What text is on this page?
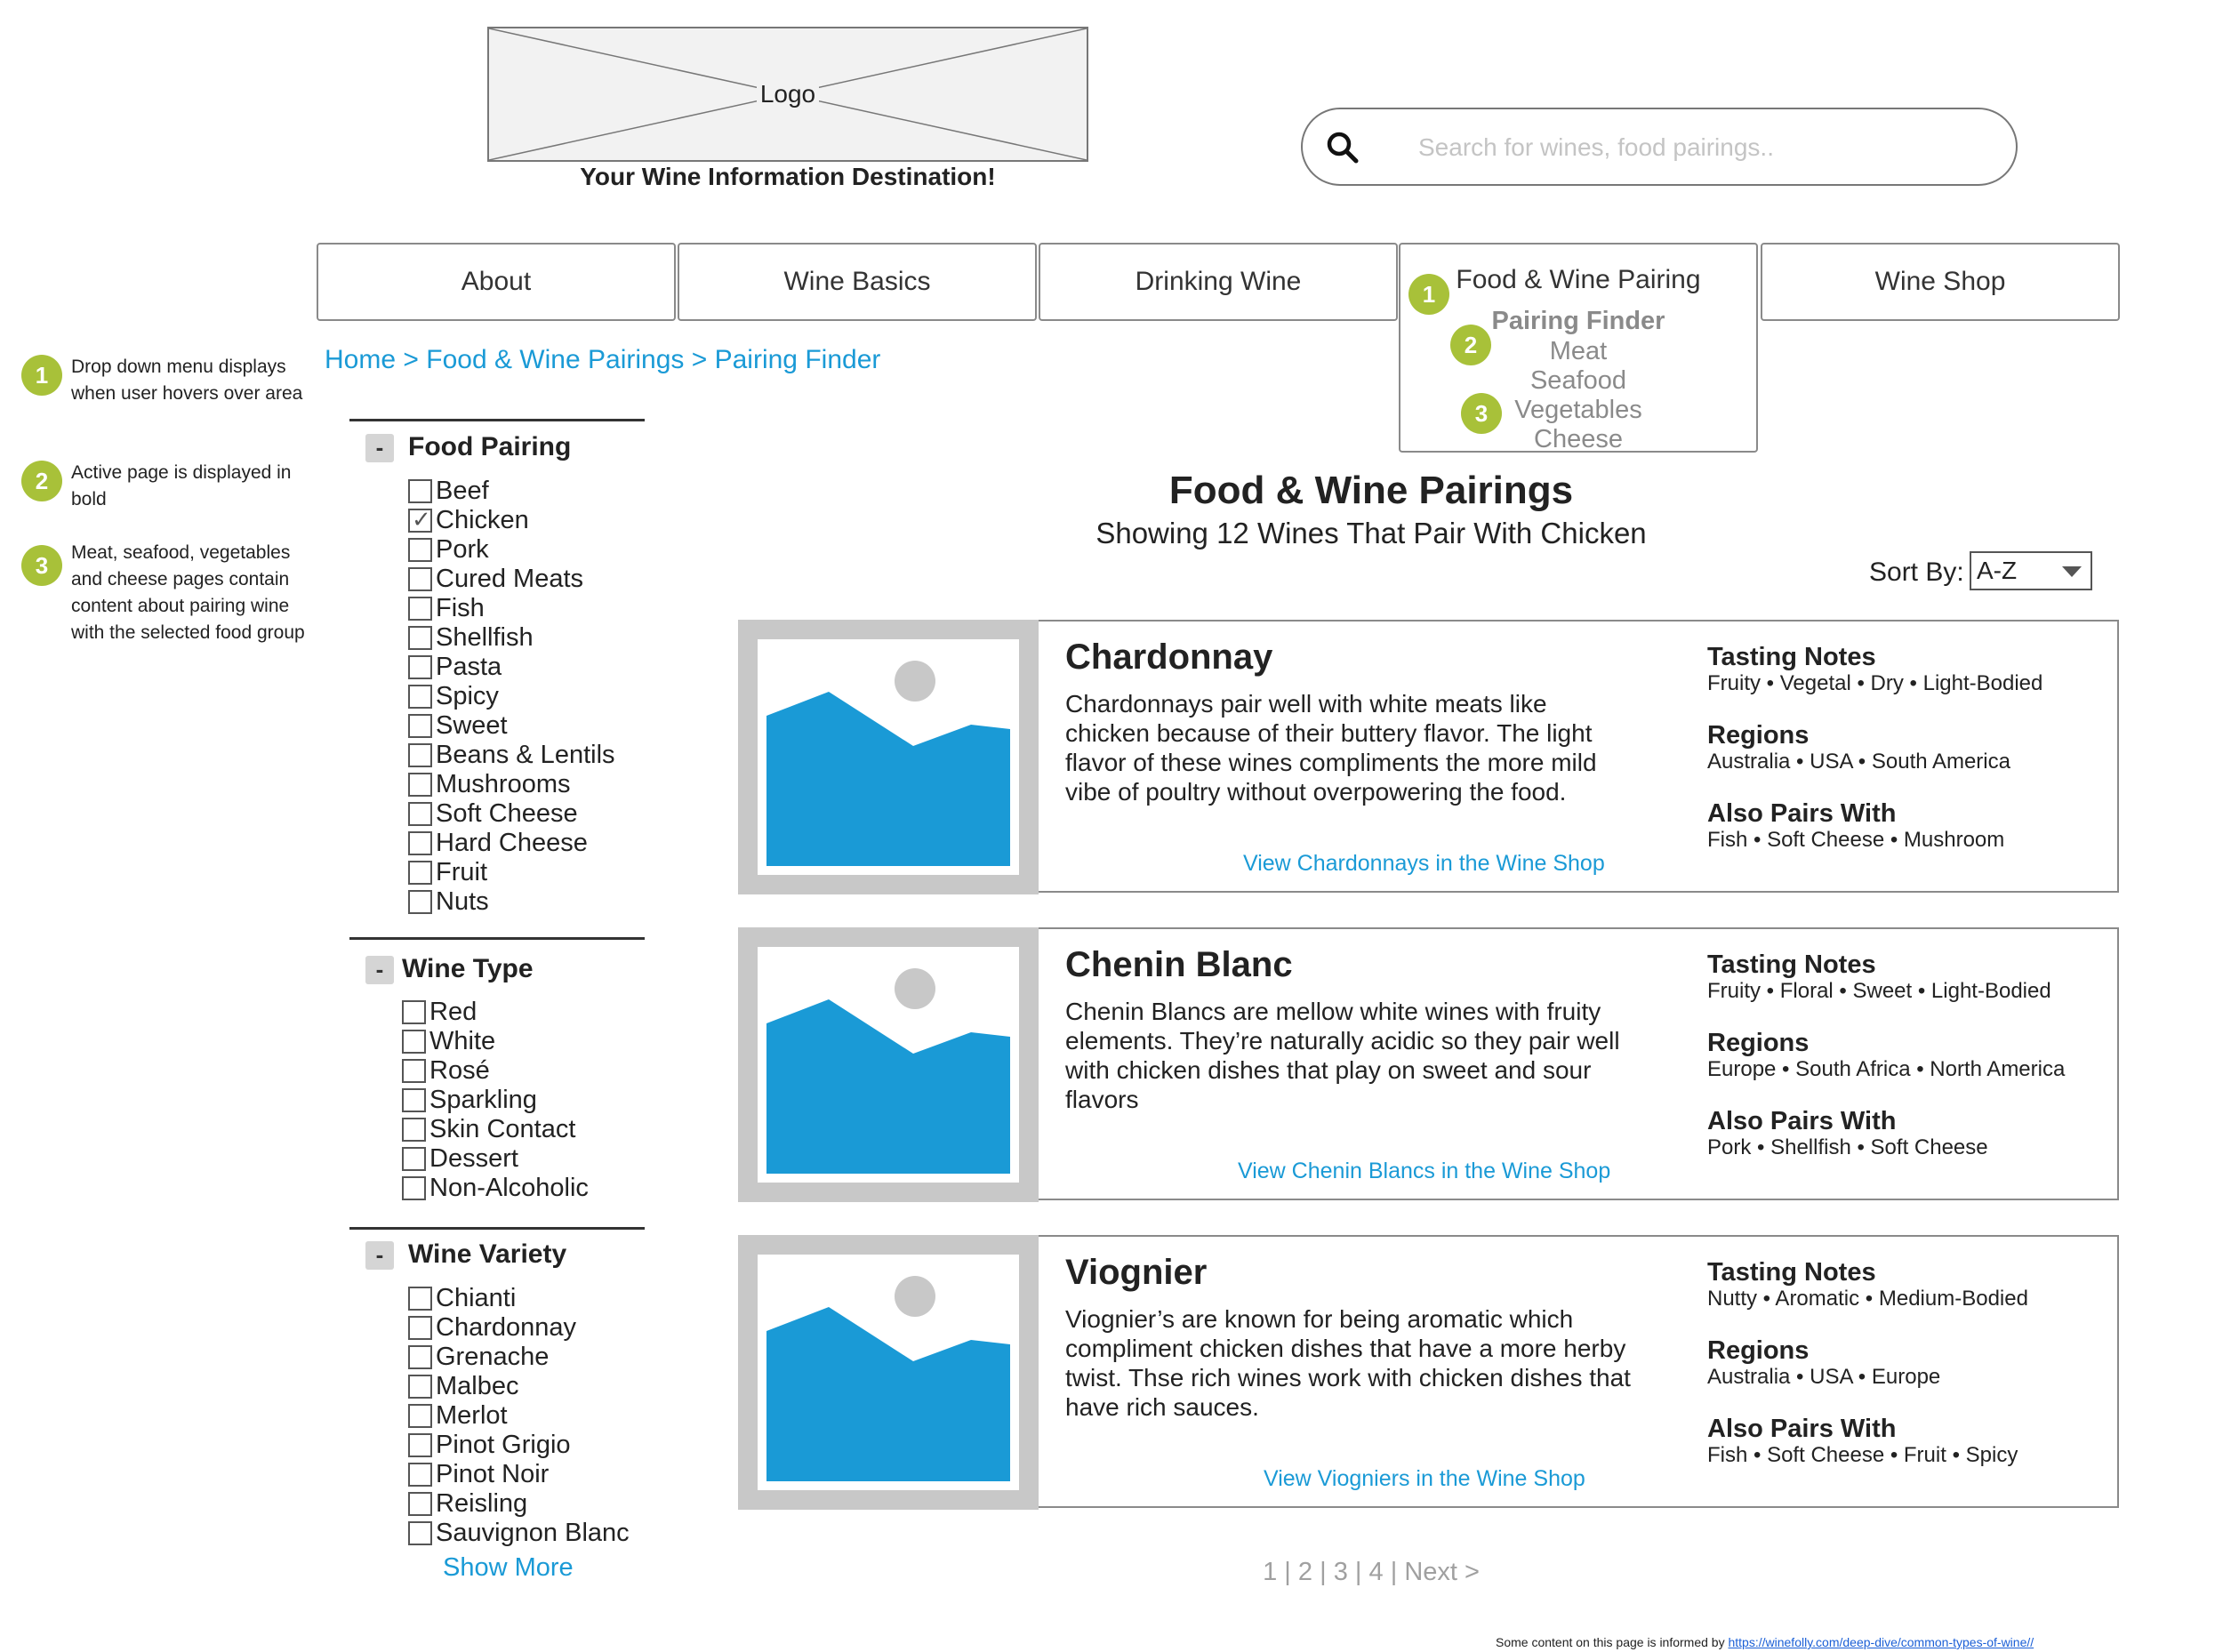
Logo
Your Wine Information Destination!
Search for wines, food pairings..
About	Wine Basics	Drinking Wine	Food & Wine Pairing
Pairing Finder
Meat
Seafood
Vegetables
Cheese
Wine Shop
1
2
3
1	Drop down menu displays when user hovers over area
2	Active page is displayed in bold
3	Meat, seafood, vegetables and cheese pages contain content about pairing wine with the selected food group
Home > Food & Wine Pairings > Pairing Finder
- Food Pairing
Beef
✓
Chicken
Pork
Cured Meats
Fish
Shellfish
Pasta
Spicy
Sweet
Beans & Lentils
Mushrooms
Soft Cheese
Hard Cheese
Fruit
Nuts
- Wine Type
Red
White
Rosé
Sparkling
Skin Contact
Dessert
Non-Alcoholic
- Wine Variety
Chianti
Chardonnay
Grenache
Malbec
Merlot
Pinot Grigio
Pinot Noir
Reisling
Sauvignon Blanc
Show More
Food & Wine Pairings
Showing 12 Wines That Pair With Chicken
Sort By: A-Z
Chardonnay
Chardonnays pair well with white meats like chicken because of their buttery flavor. The light flavor of these wines compliments the more mild vibe of poultry without overpowering the food.
View Chardonnays in the Wine Shop
Tasting Notes
Fruity • Vegetal • Dry • Light-Bodied
Regions
Australia • USA • South America
Also Pairs With
Fish • Soft Cheese • Mushroom
Chenin Blanc
Chenin Blancs are mellow white wines with fruity elements. They’re naturally acidic so they pair well with chicken dishes that play on sweet and sour flavors
View Chenin Blancs in the Wine Shop
Tasting Notes
Fruity • Floral • Sweet • Light-Bodied
Regions
Europe • South Africa • North America
Also Pairs With
Pork • Shellfish • Soft Cheese
Viognier
Viognier’s are known for being aromatic which compliment chicken dishes that have a more herby twist. Thse rich wines work with chicken dishes that have rich sauces.
View Viogniers in the Wine Shop
Tasting Notes
Nutty • Aromatic • Medium-Bodied
Regions
Australia • USA • Europe
Also Pairs With
Fish • Soft Cheese • Fruit • Spicy
1 | 2 | 3 | 4 | Next >
Some content on this page is informed by https://winefolly.com/deep-dive/common-types-of-wine//
